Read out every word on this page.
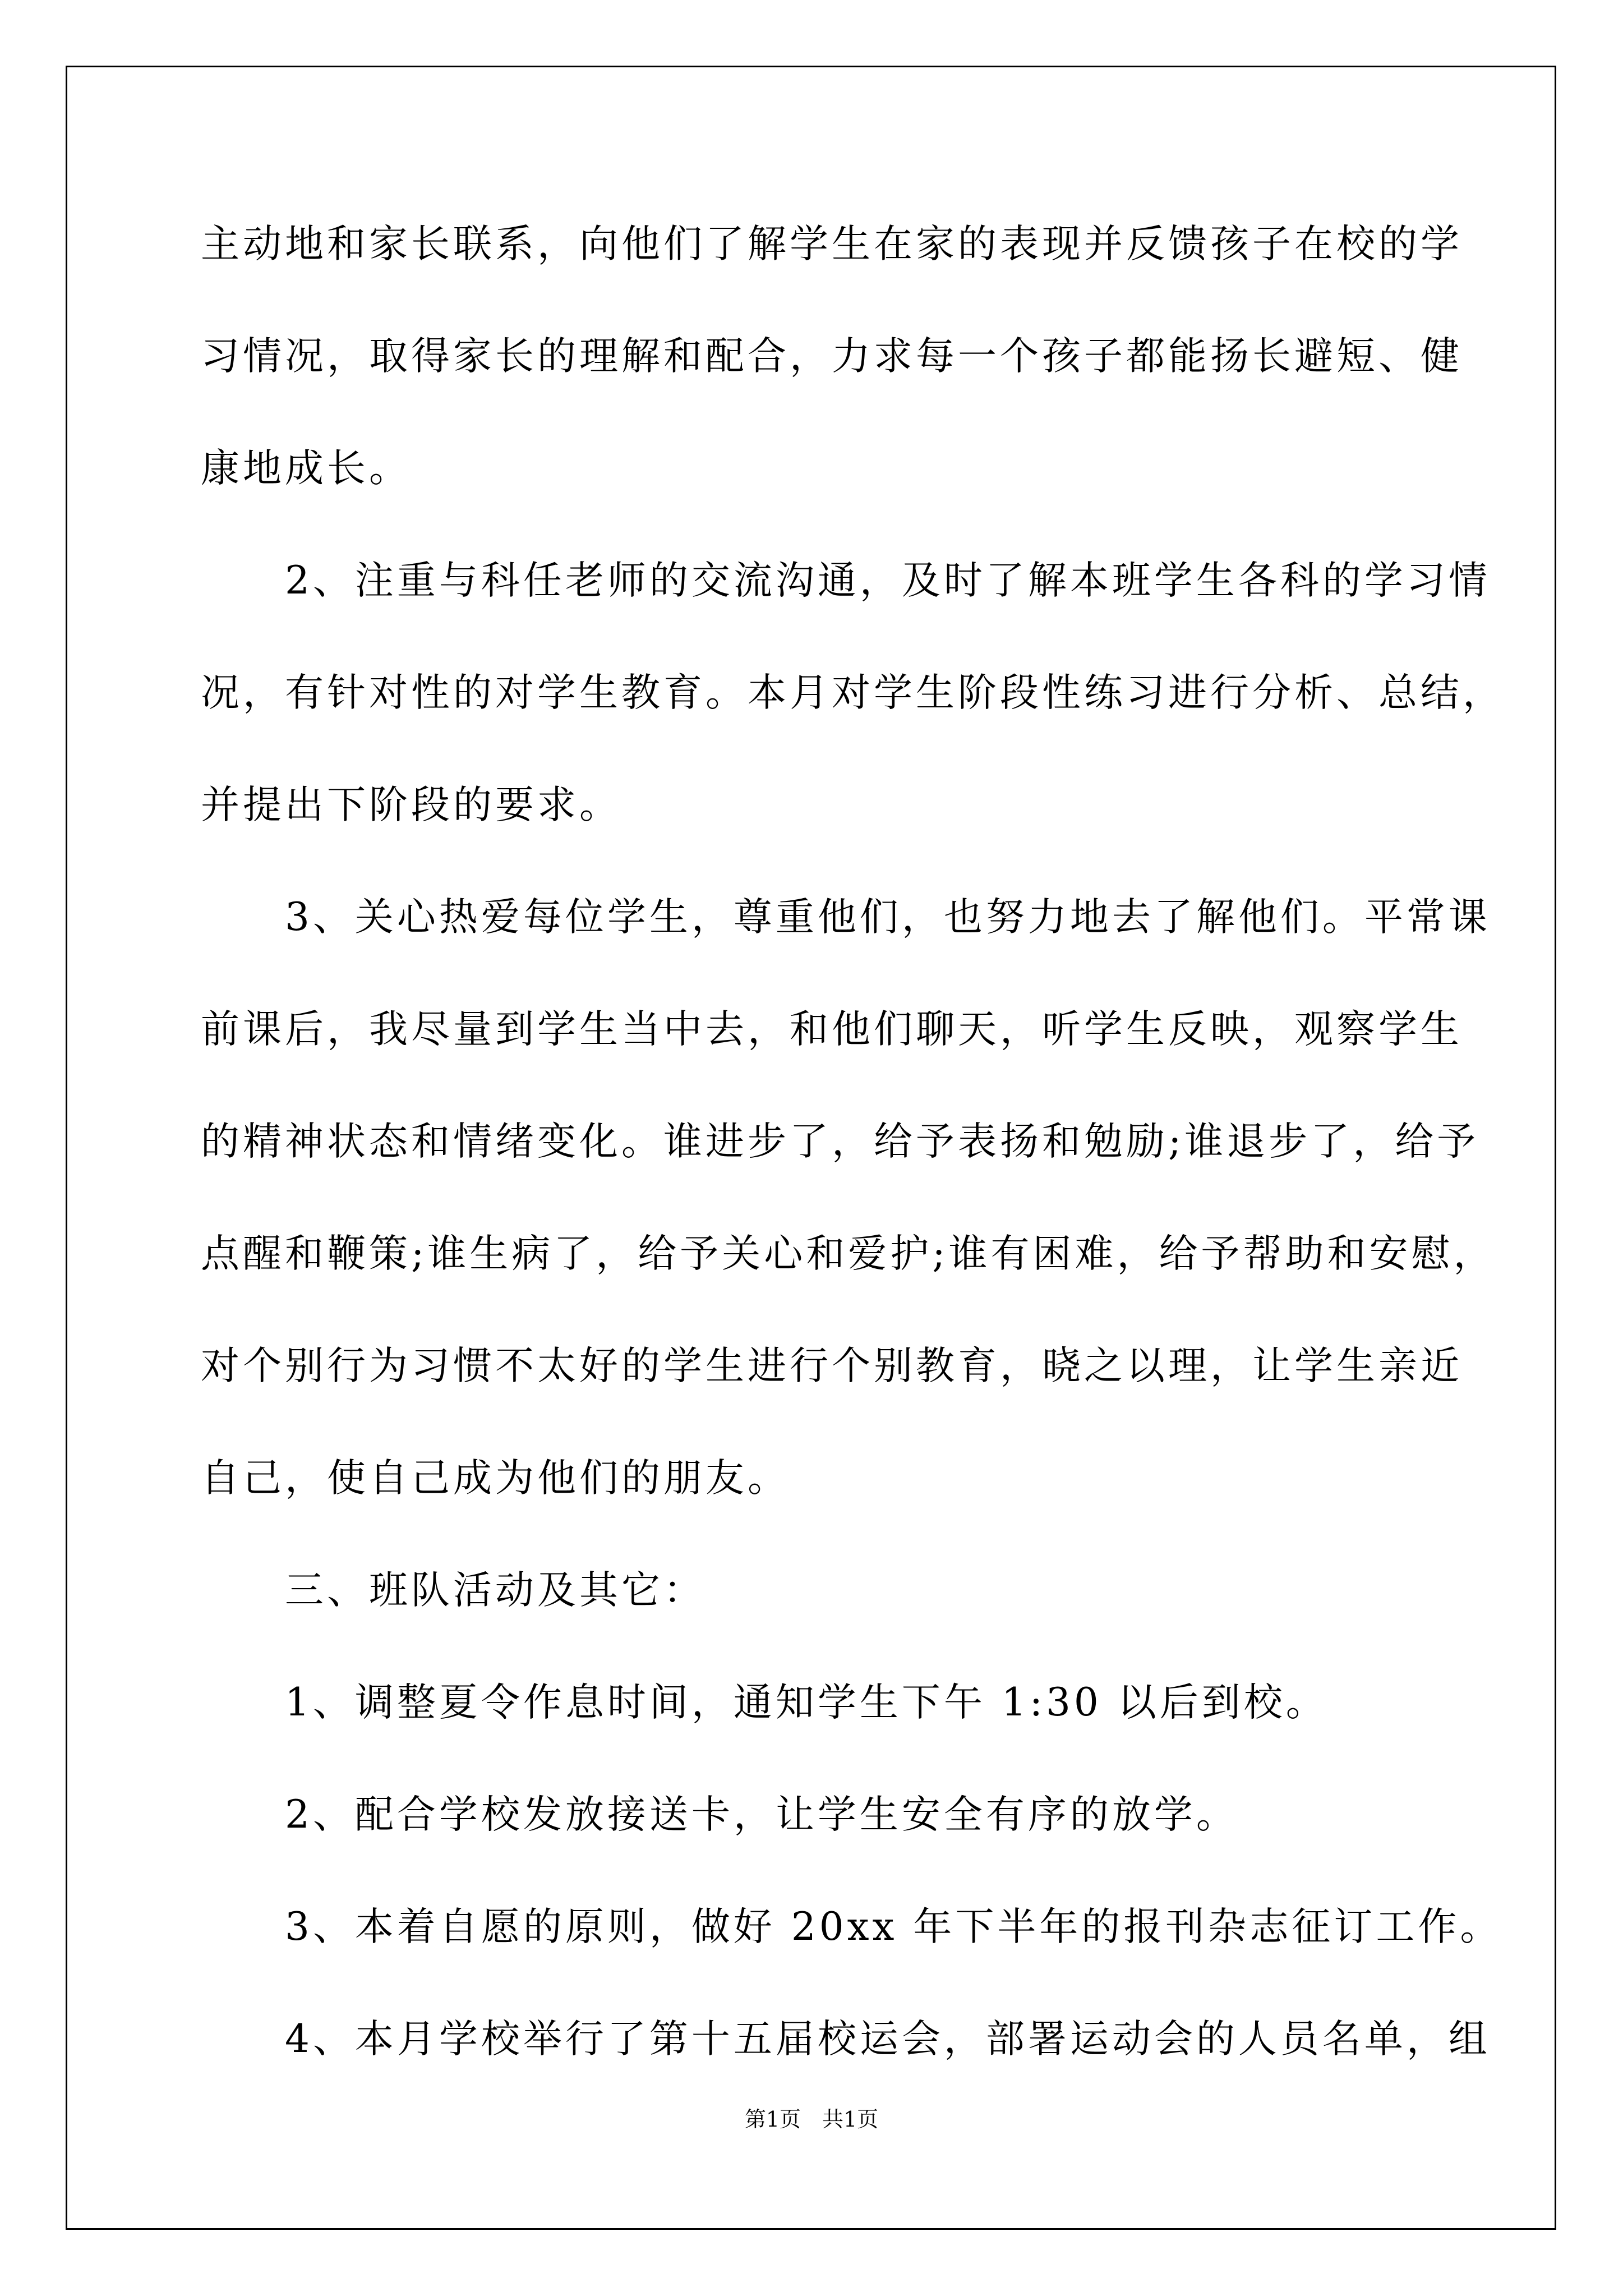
主动地和家长联系，向他们了解学生在家的表现并反馈孩子在校的学
习情况，取得家长的理解和配合，力求每一个孩子都能扬长避短、健
康地成长。
　　2、注重与科任老师的交流沟通，及时了解本班学生各科的学习情
况，有针对性的对学生教育。本月对学生阶段性练习进行分析、总结，
并提出下阶段的要求。
　　3、关心热爱每位学生，尊重他们，也努力地去了解他们。平常课
前课后，我尽量到学生当中去，和他们聊天，听学生反映，观察学生
的精神状态和情绪变化。谁进步了，给予表扬和勉励;谁退步了，给予
点醒和鞭策;谁生病了，给予关心和爱护;谁有困难，给予帮助和安慰，
对个别行为习惯不太好的学生进行个别教育，晓之以理，让学生亲近
自己，使自己成为他们的朋友。
　　三、班队活动及其它：
　　1、调整夏令作息时间，通知学生下午 1:30 以后到校。
　　2、配合学校发放接送卡，让学生安全有序的放学。
　　3、本着自愿的原则，做好 20xx 年下半年的报刊杂志征订工作。
　　4、本月学校举行了第十五届校运会，部署运动会的人员名单，组
第1页　共1页
